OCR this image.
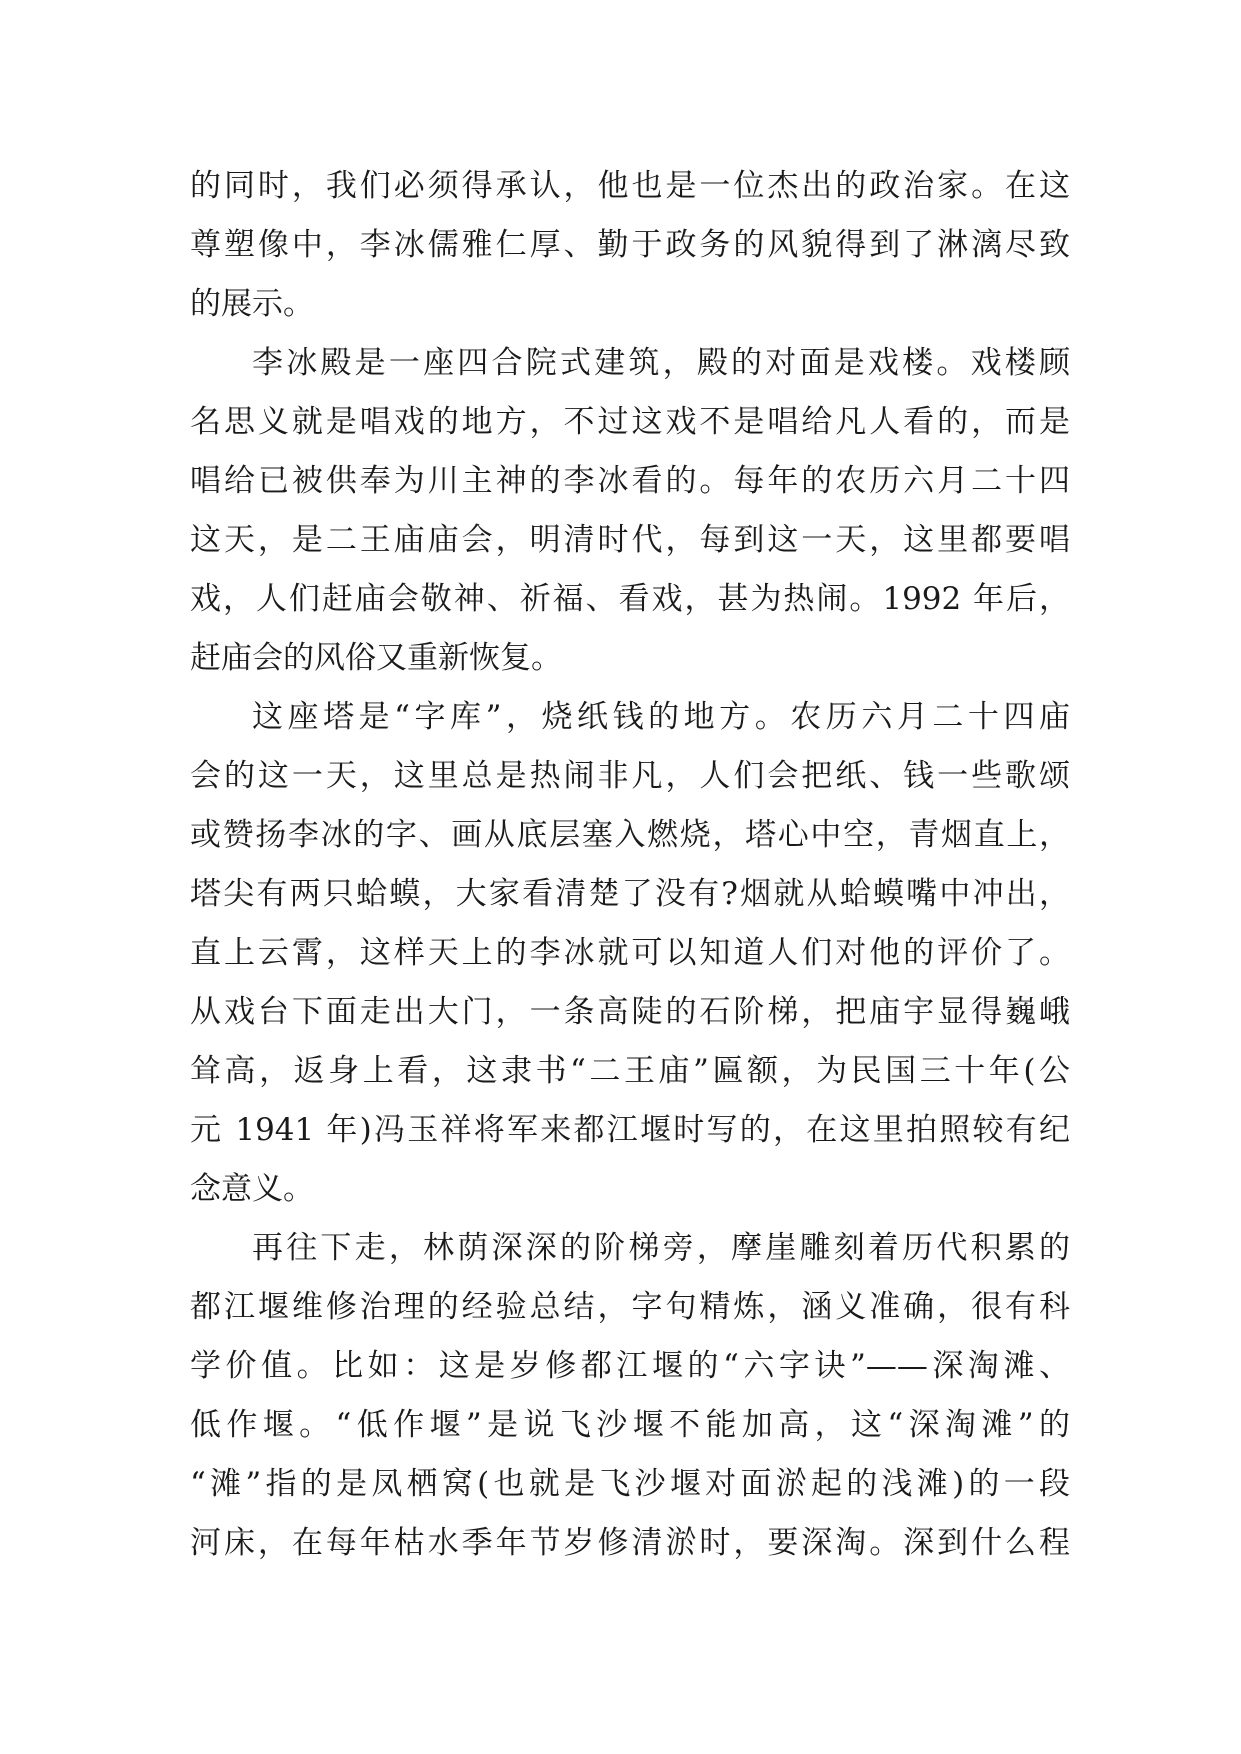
的同时，我们必须得承认，他也是一位杰出的政治家。在这
尊塑像中，李冰儒雅仁厚、勤于政务的风貌得到了淋漓尽致
的展示。
李冰殿是一座四合院式建筑，殿的对面是戏楼。戏楼顾
名思义就是唱戏的地方，不过这戏不是唱给凡人看的，而是
唱给已被供奉为川主神的李冰看的。每年的农历六月二十四
这天，是二王庙庙会，明清时代，每到这一天，这里都要唱
戏，人们赶庙会敬神、祈福、看戏，甚为热闹。1992 年后，
赶庙会的风俗又重新恢复。
这座塔是“字库”，烧纸钱的地方。农历六月二十四庙
会的这一天，这里总是热闹非凡，人们会把纸、钱一些歌颂
或赞扬李冰的字、画从底层塞入燃烧，塔心中空，青烟直上，
塔尖有两只蛤蟆，大家看清楚了没有?烟就从蛤蟆嘴中冲出，
直上云霄，这样天上的李冰就可以知道人们对他的评价了。
从戏台下面走出大门，一条高陡的石阶梯，把庙宇显得巍峨
耸高，返身上看，这隶书“二王庙”匾额，为民国三十年(公
元 1941 年)冯玉祥将军来都江堰时写的，在这里拍照较有纪
念意义。
再往下走，林荫深深的阶梯旁，摩崖雕刻着历代积累的
都江堰维修治理的经验总结，字句精炼，涵义准确，很有科
学价值。比如：这是岁修都江堰的“六字诀”——深淘滩、
低作堰。“低作堰”是说飞沙堰不能加高，这“深淘滩”的
“滩”指的是凤栖窝(也就是飞沙堰对面淤起的浅滩)的一段
河床，在每年枯水季年节岁修清淤时，要深淘。深到什么程
